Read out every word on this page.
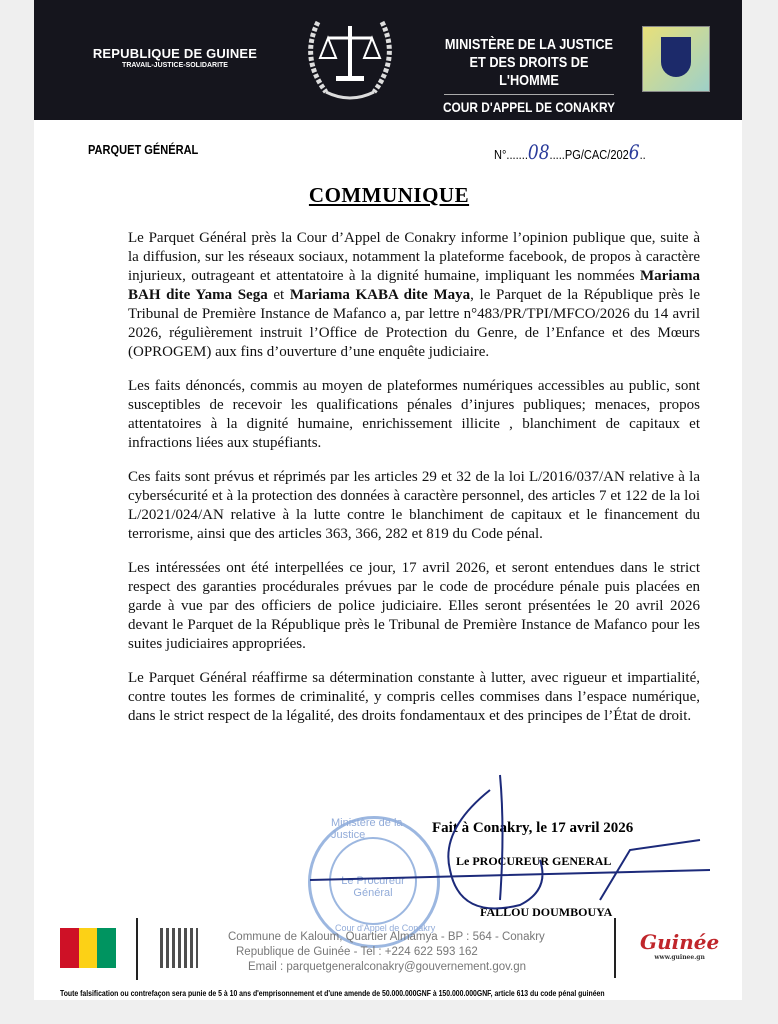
REPUBLIQUE DE GUINEE
TRAVAIL-JUSTICE-SOLIDARITE
MINISTÈRE DE LA JUSTICE
ET DES DROITS DE L'HOMME
COUR D'APPEL DE CONAKRY
PARQUET GÉNÉRAL	N°.......08.....PG/CAC/2026..
COMMUNIQUE

Le Parquet Général près la Cour d’Appel de Conakry informe l’opinion publique que, suite à la diffusion, sur les réseaux sociaux, notamment la plateforme facebook, de propos à caractère injurieux, outrageant et attentatoire à la dignité humaine, impliquant les nommées Mariama BAH dite Yama Sega et Mariama KABA dite Maya, le Parquet de la République près le Tribunal de Première Instance de Mafanco a, par lettre n°483/PR/TPI/MFCO/2026 du 14 avril 2026, régulièrement instruit l’Office de Protection du Genre, de l’Enfance et des Mœurs (OPROGEM) aux fins d’ouverture d’une enquête judiciaire.

Les faits dénoncés, commis au moyen de plateformes numériques accessibles au public, sont susceptibles de recevoir les qualifications pénales d’injures publiques; menaces, propos attentatoires à la dignité humaine, enrichissement illicite , blanchiment de capitaux et infractions liées aux stupéfiants.

Ces faits sont prévus et réprimés par les articles 29 et 32 de la loi L/2016/037/AN relative à la cybersécurité et à la protection des données à caractère personnel, des articles 7 et 122 de la loi L/2021/024/AN relative à la lutte contre le blanchiment de capitaux et le financement du terrorisme, ainsi que des articles 363, 366, 282 et 819 du Code pénal.

Les intéressées ont été interpellées ce jour, 17 avril 2026, et seront entendues dans le strict respect des garanties procédurales prévues par le code de procédure pénale puis placées en garde à vue par des officiers de police judiciaire. Elles seront présentées le 20 avril 2026 devant le Parquet de la République près le Tribunal de Première Instance de Mafanco pour les suites judiciaires appropriées.

Le Parquet Général réaffirme sa détermination constante à lutter, avec rigueur et impartialité, contre toutes les formes de criminalité, y compris celles commises dans l’espace numérique, dans le strict respect de la légalité, des droits fondamentaux et des principes de l’État de droit.

Ministère de la Justice
Le Procureur Général
Cour d'Appel de Conakry
Fait à Conakry, le 17 avril 2026
Le PROCUREUR GENERAL
FALLOU DOUMBOUYA
Commune de Kaloum, Quartier Almamya - BP : 564 - Conakry
Republique de Guinée - Tel : +224 622 593 162
Email : parquetgeneralconakry@gouvernement.gov.gn
Guinée
www.guinee.gn
Toute falsification ou contrefaçon sera punie de 5 à 10 ans d'emprisonnement et d'une amende de 50.000.000GNF à 150.000.000GNF, article 613 du code pénal guinéen
